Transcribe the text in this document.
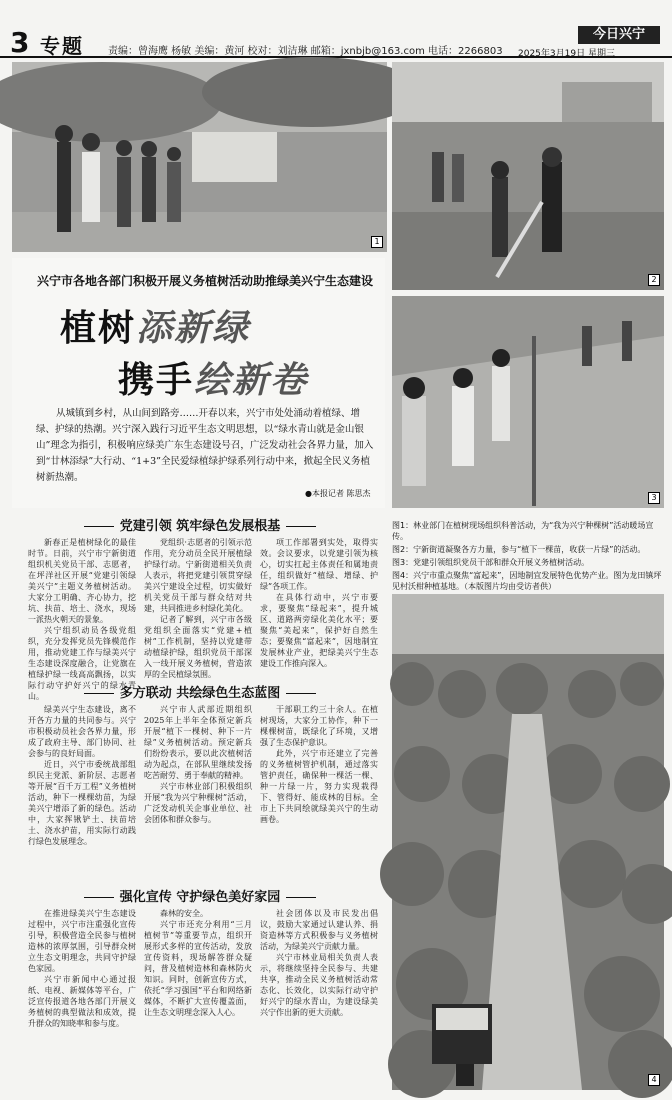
3 专题 责编：曾海鹰 杨敏 美编：黄河 校对：刘洁琳 邮箱：jxnbjb@163.com 电话：2266803
今日兴宁
2025年3月19日 星期三
1
2
3
兴宁市各地各部门积极开展义务植树活动助推绿美兴宁生态建设
植树添新绿
携手绘新卷
从城镇到乡村，从山间到路旁……开春以来，兴宁市处处涌动着植绿、增绿、护绿的热潮。兴宁深入践行习近平生态文明思想，以“绿水青山就是金山银山”理念为指引，积极响应绿美广东生态建设号召，广泛发动社会各界力量，加入到“廿林添绿”大行动、“1+3”全民爱绿植绿护绿系列行动中来，掀起全民义务植树新热潮。
●本报记者 陈思杰
图1：林业部门在植树现场组织科普活动，为“我为兴宁种棵树”活动暖场宣传。
图2：宁新街道凝聚各方力量，参与“植下一棵苗，收获一片绿”的活动。
图3：党建引领组织党员干部和群众开展义务植树活动。
图4：兴宁市重点聚焦“富起来”，因地制宜发展特色优势产业。图为龙田镇坪见村沃柑种植基地。（本版图片均由受访者供）
4
党建引领 筑牢绿色发展根基

新春正是植树绿化的最佳时节。日前，兴宁市宁新街道组织机关党员干部、志愿者，在坪洋社区开展“党建引领绿美兴宁”主题义务植树活动。大家分工明确、齐心协力，挖坑、扶苗、培土、浇水，现场一派热火朝天的景象。

兴宁组织动员各级党组织，充分发挥党员先锋模范作用，推动党建工作与绿美兴宁生态建设深度融合，让党旗在植绿护绿一线高高飘扬，以实际行动守护好兴宁的绿水青山。

党组织·志愿者的引领示范作用，充分动员全民开展植绿护绿行动。宁新街道相关负责人表示，将把党建引领贯穿绿美兴宁建设全过程，切实做好机关党员干部与群众结对共建，共同推进乡村绿化美化。

记者了解到，兴宁市各级党组织全面落实“党建+植树”工作机制，坚持以党建带动植绿护绿，组织党员干部深入一线开展义务植树，营造浓厚的全民植绿氛围。

项工作部署到实处，取得实效。会议要求，以党建引领为核心，切实扛起主体责任和属地责任，组织做好“植绿、增绿、护绿”各项工作。

在具体行动中，兴宁市要求，要聚焦“绿起来”，提升城区、道路两旁绿化美化水平；要聚焦“美起来”，保护好自然生态；要聚焦“富起来”，因地制宜发展林业产业，把绿美兴宁生态建设工作推向深入。

多方联动 共绘绿色生态蓝图

绿美兴宁生态建设，离不开各方力量的共同参与。兴宁市积极动员社会各界力量，形成了政府主导、部门协同、社会参与的良好局面。

近日，兴宁市委统战部组织民主党派、新阶层、志愿者等开展“百千万工程”义务植树活动，种下一棵棵幼苗，为绿美兴宁增添了新的绿色。活动中，大家挥锹铲土、扶苗培土、浇水护苗，用实际行动践行绿色发展理念。

兴宁市人武部近期组织2025年上半年全体预定新兵开展“植下一棵树、种下一片绿”义务植树活动。预定新兵们纷纷表示，要以此次植树活动为起点，在部队里继续发扬吃苦耐劳、勇于奉献的精神。

兴宁市林业部门积极组织开展“我为兴宁种棵树”活动，广泛发动机关企事业单位、社会团体和群众参与。

干部职工约三十余人。在植树现场，大家分工协作，种下一棵棵树苗，既绿化了环境，又增强了生态保护意识。

此外，兴宁市还建立了完善的义务植树管护机制，通过落实管护责任，确保种一棵活一棵、种一片绿一片，努力实现栽得下、管得好、能成林的目标。全市上下共同绘就绿美兴宁的生动画卷。

强化宣传 守护绿色美好家园

在推进绿美兴宁生态建设过程中，兴宁市注重强化宣传引导，积极营造全民参与植树造林的浓厚氛围，引导群众树立生态文明理念，共同守护绿色家园。

兴宁市新闻中心通过报纸、电视、新媒体等平台，广泛宣传报道各地各部门开展义务植树的典型做法和成效，提升群众的知晓率和参与度。

森林的安全。

兴宁市还充分利用“三月植树节”等重要节点，组织开展形式多样的宣传活动，发放宣传资料，现场解答群众疑问，普及植树造林和森林防火知识。同时，创新宣传方式，依托“学习强国”平台和网络新媒体，不断扩大宣传覆盖面，让生态文明理念深入人心。

社会团体以及市民发出倡议，鼓励大家通过认建认养、捐资造林等方式积极参与义务植树活动，为绿美兴宁贡献力量。

兴宁市林业局相关负责人表示，将继续坚持全民参与、共建共享，推动全民义务植树活动常态化、长效化，以实际行动守护好兴宁的绿水青山，为建设绿美兴宁作出新的更大贡献。
